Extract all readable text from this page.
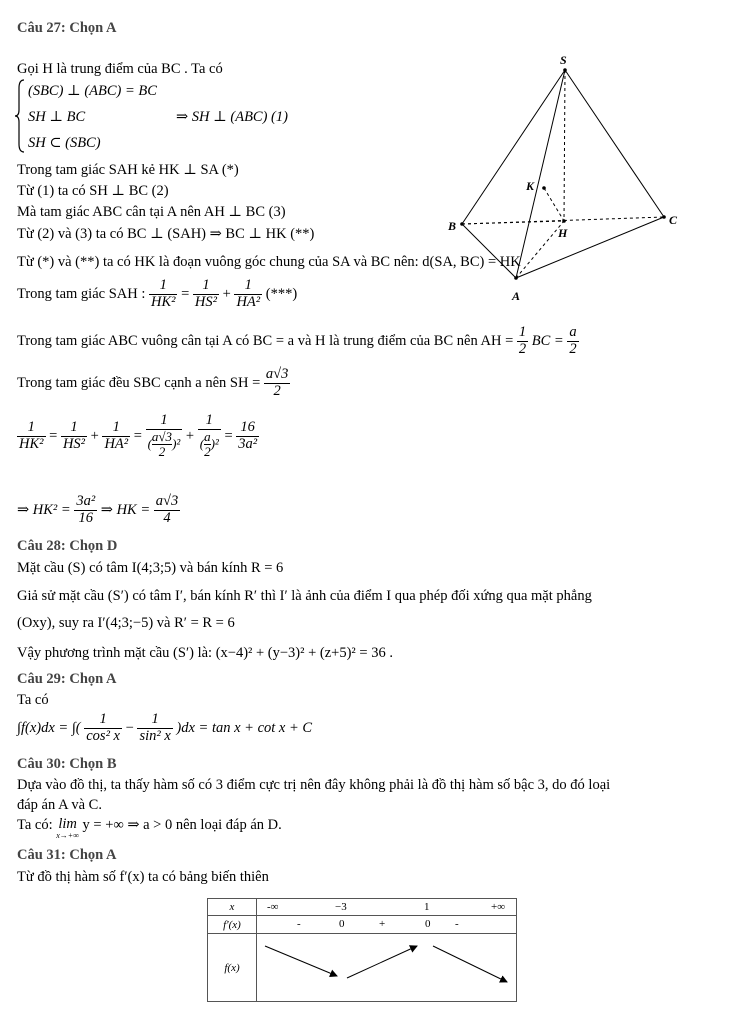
Câu 27: Chọn A
Gọi H là trung điểm của BC . Ta có
(SBC) ⊥ (ABC) = BC
SH ⊥ BC
SH ⊂ (SBC)
⇒ SH ⊥ (ABC) (1)
Trong tam giác SAH kẻ HK ⊥ SA (*)
Từ (1) ta có SH ⊥ BC (2)
Mà tam giác ABC cân tại A nên AH ⊥ BC (3)
Từ (2) và (3) ta có BC ⊥ (SAH) ⇒ BC ⊥ HK (**)
Từ (*) và (**) ta có HK là đoạn vuông góc chung của SA và BC nên: d(SA, BC) = HK
S
K
B	H
C
A
Trong tam giác SAH : $\frac{1}{\text{HK²}} = \frac{1}{\text{HS²}} + \frac{1}{\text{HA²}}$ (***)
Trong tam giác ABC vuông cân tại A có BC = a và H là trung điểm của BC nên AH = $\frac{1}{2}$ BC = $\frac{a}{2}$
Trong tam giác đều SBC cạnh a nên SH = $\frac{a√3}{2}$
$\frac{1}{\text{HK²}} = \frac{1}{\text{HS²}} + \frac{1}{\text{HA²}} = \frac{1}{( \frac{a√3}{2} )^2} + \frac{1}{( \frac{a}{2} )^2} = \frac{16}{\text{3a²}}$
⇒ $HK^2 = \frac{\text{3a²}}{16}$ ⇒ HK = $\frac{a√3}{4}$
Câu 28: Chọn D
Mặt cầu (S) có tâm I(4;3;5) và bán kính R = 6
Giả sử mặt cầu (S′) có tâm I′, bán kính R′ thì I′ là ảnh của điểm I qua phép đối xứng qua mặt phẳng
(Oxy), suy ra I′(4;3;−5) và R′ = R = 6
Vậy phương trình mặt cầu (S′) là: (x−4)² + (y−3)² + (z+5)² = 36 .
Câu 29: Chọn A
Ta có
∫f(x)dx = ∫( $\frac{1}{\text{cos² x}} - \frac{1}{\text{sin² x}} )dx = \tan x + \cot x + C$
Câu 30: Chọn B
Dựa vào đồ thị, ta thấy hàm số có 3 điểm cực trị nên đây không phải là đồ thị hàm số bậc 3, do đó loại
đáp án A và C.
Ta có: lim
x→+∞
y = +∞ ⇒ a > 0 nên loại đáp án D.
Câu 31: Chọn A
Từ đồ thị hàm số f′(x) ta có bảng biến thiên
x	-∞ −3 1 +∞

f′(x)	- 0 + 0 -

f(x)	
